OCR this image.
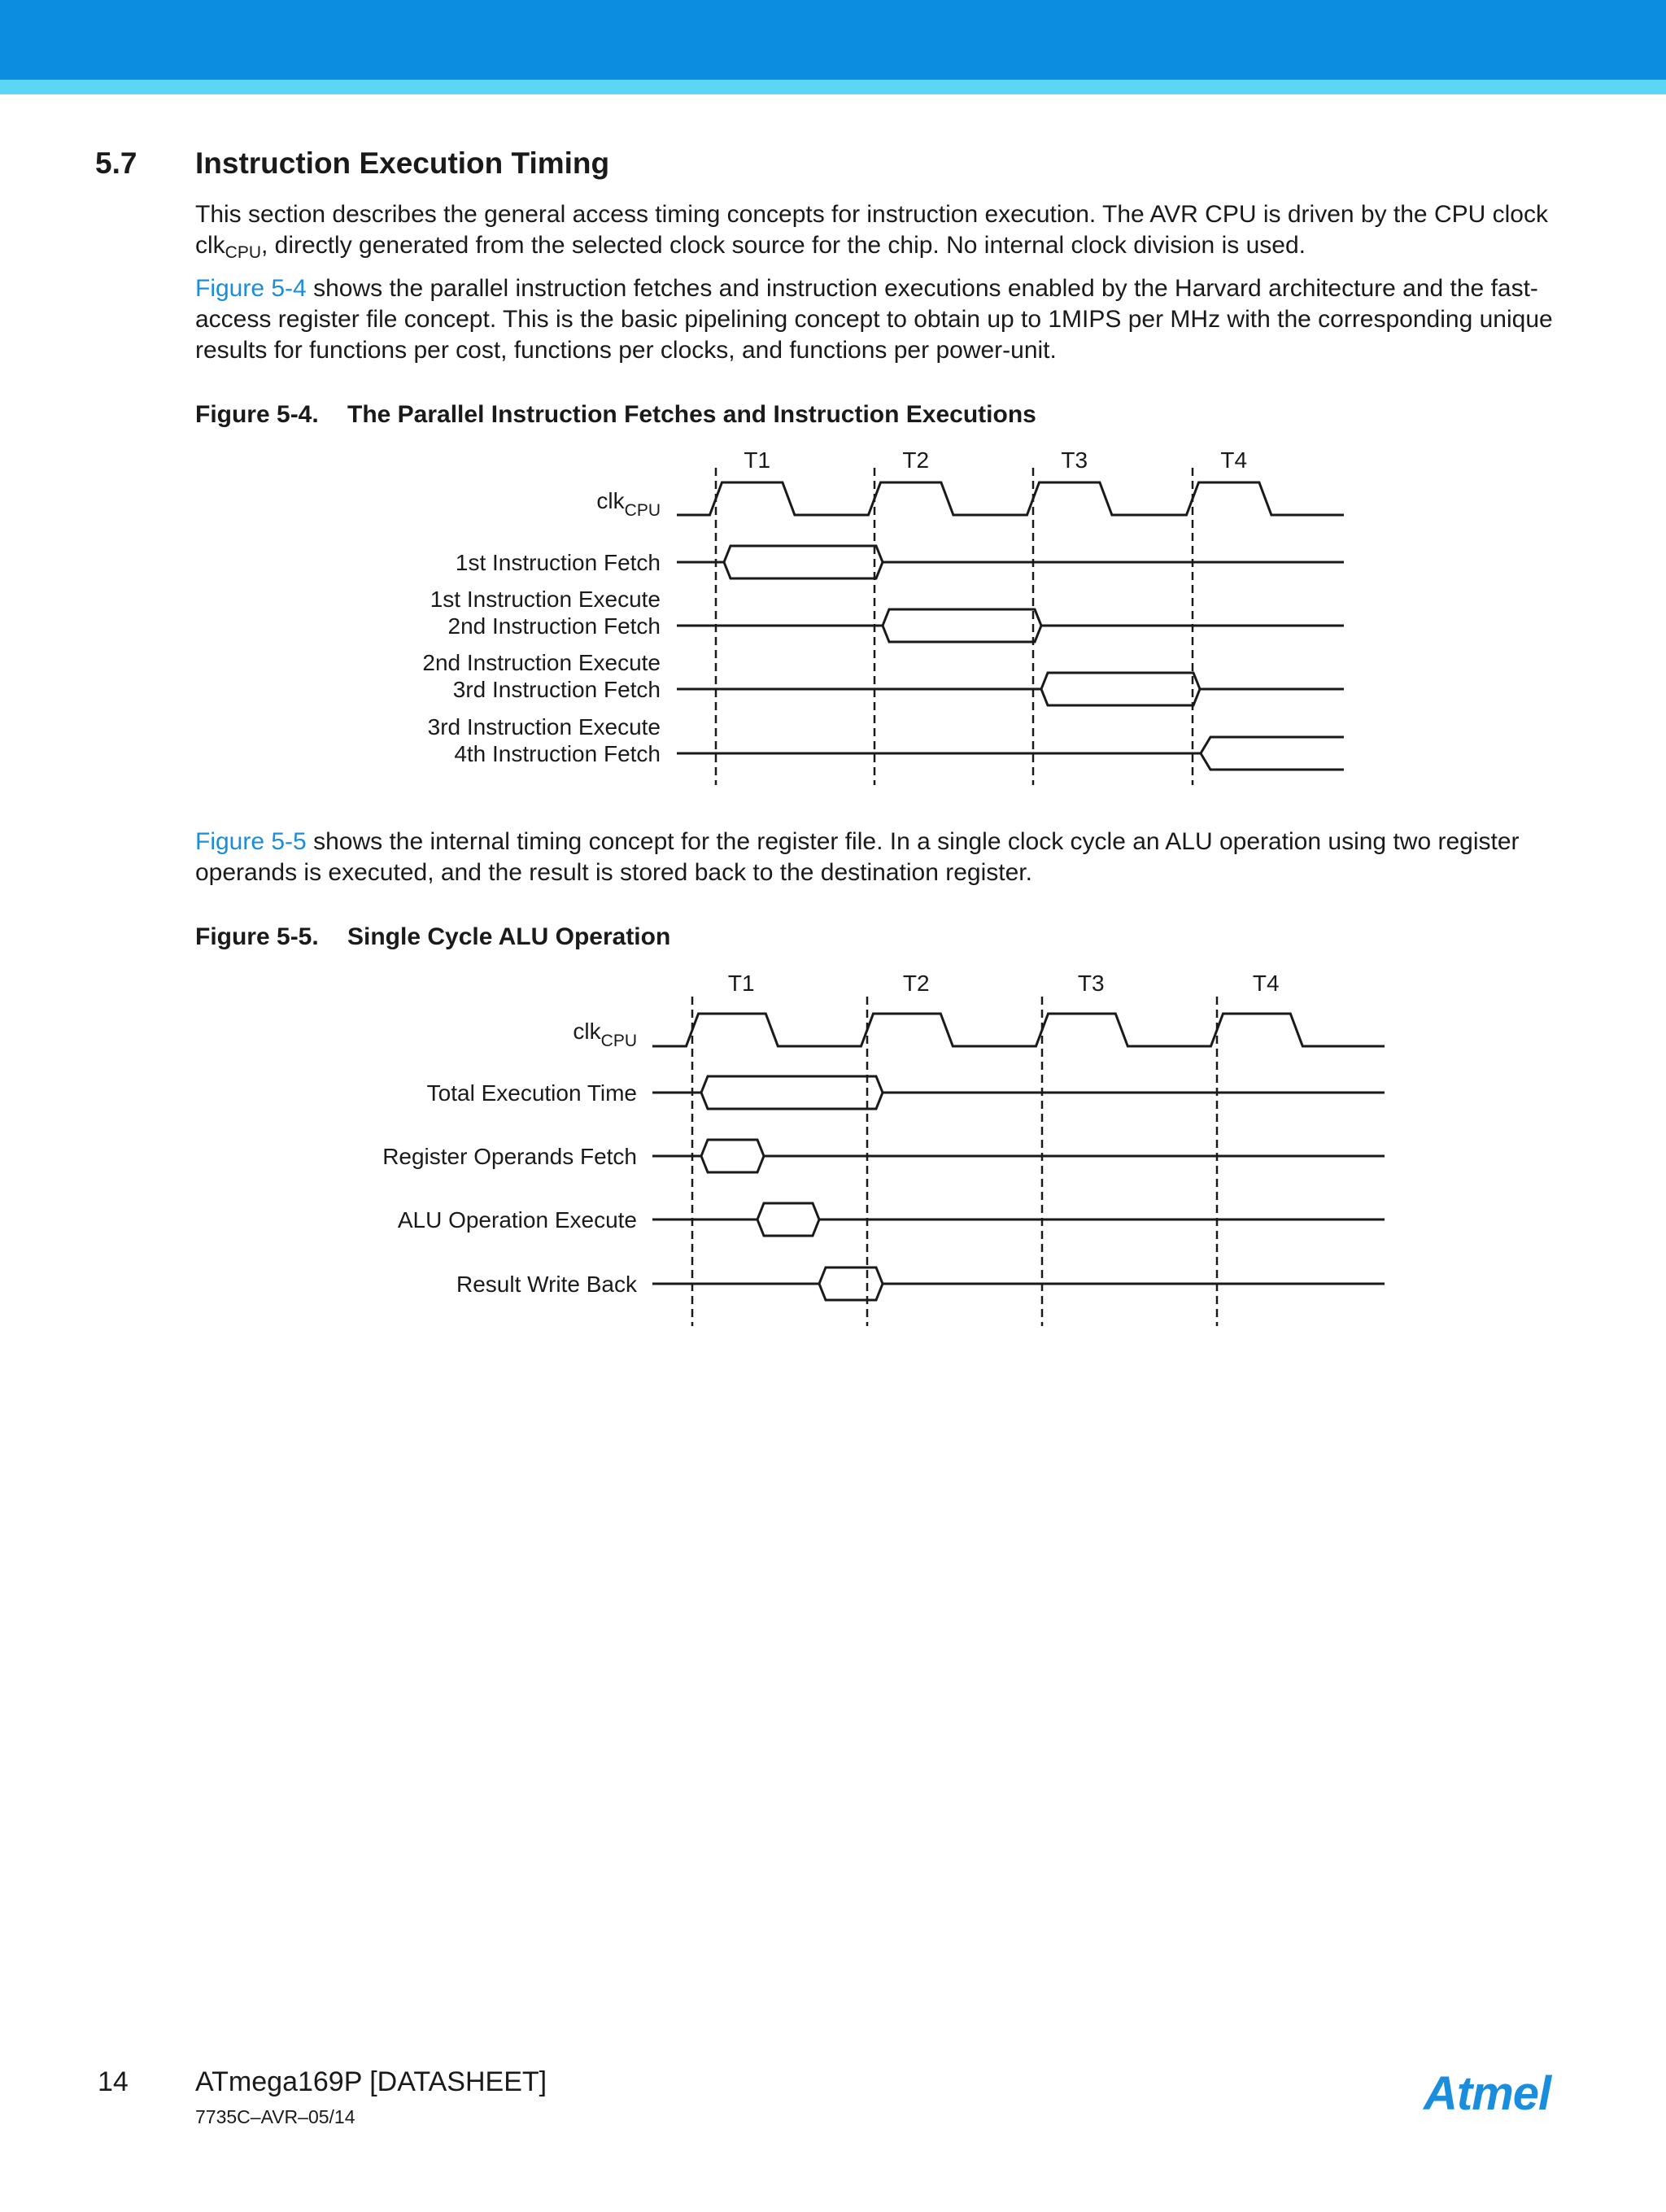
5.7 Instruction Execution Timing

This section describes the general access timing concepts for instruction execution. The AVR CPU is driven by the CPU clock clk$_{CPU}$, directly generated from the selected clock source for the chip. No internal clock division is used.

Figure 5-4 shows the parallel instruction fetches and instruction executions enabled by the Harvard architecture and the fast-access register file concept. This is the basic pipelining concept to obtain up to 1MIPS per MHz with the corresponding unique results for functions per cost, functions per clocks, and functions per power-unit.

Figure 5-4. The Parallel Instruction Fetches and Instruction Executions
T1	T2	T3	T4
clk$_{CPU}$
1st Instruction Fetch
1st Instruction Execute 2nd Instruction Fetch
2nd Instruction Execute 3rd Instruction Fetch
3rd Instruction Execute 4th Instruction Fetch

Figure 5-5 shows the internal timing concept for the register file. In a single clock cycle an ALU operation using two register operands is executed, and the result is stored back to the destination register.

Figure 5-5. Single Cycle ALU Operation
T1	T2	T3	T4
clk$_{CPU}$
Total Execution Time
Register Operands Fetch
ALU Operation Execute
Result Write Back
14 ATmega169P [DATASHEET]
7735C–AVR–05/14	Atmel
